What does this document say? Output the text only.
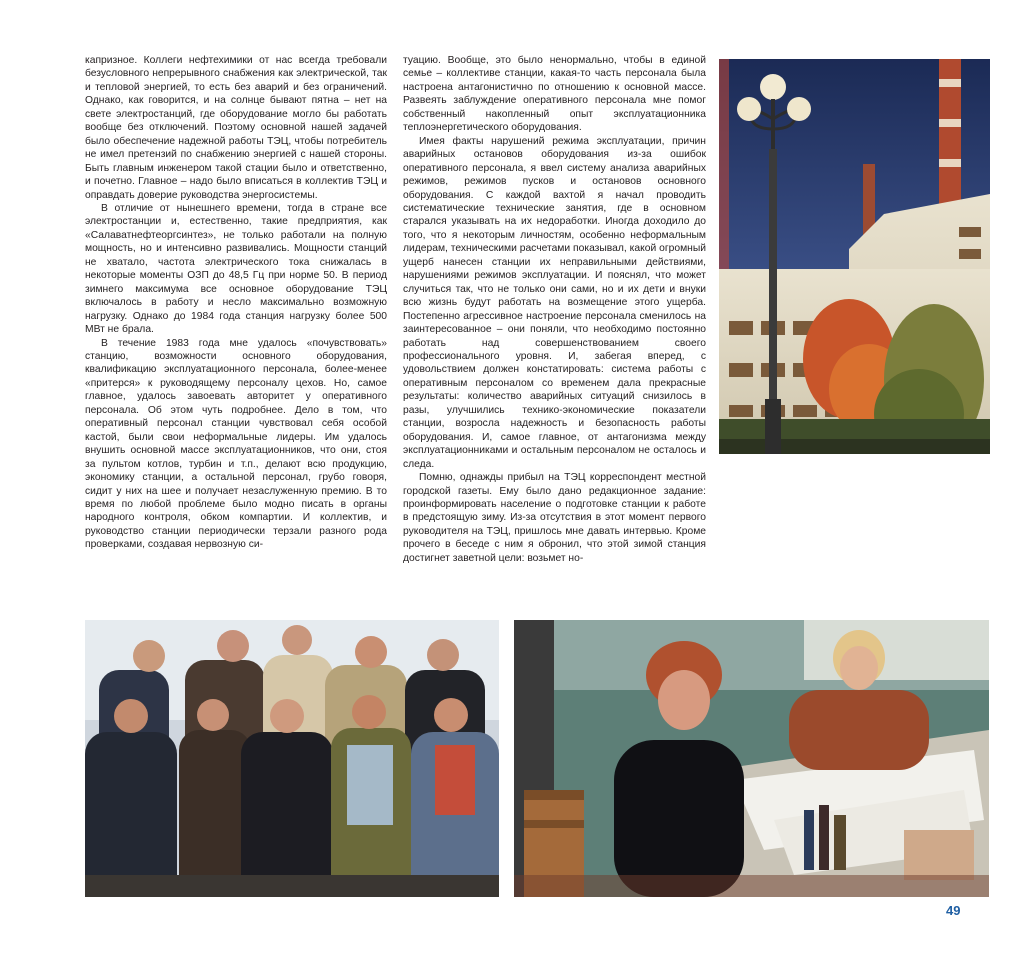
капризное. Коллеги нефтехимики от нас всегда требовали безусловного непрерывного снабжения как электрической, так и тепловой энергией, то есть без аварий и без ограничений. Однако, как говорится, и на солнце бывают пятна – нет на свете электростанций, где оборудование могло бы работать вообще без отключений. Поэтому основной нашей задачей было обеспечение надежной работы ТЭЦ, чтобы потребитель не имел претензий по снабжению энергией с нашей стороны. Быть главным инженером такой стации было и ответственно, и почетно. Главное – надо было вписаться в коллектив ТЭЦ и оправдать доверие руководства энергосистемы.

В отличие от нынешнего времени, тогда в стране все электростанции и, естественно, такие предприятия, как «Салаватнефтеоргсинтез», не только работали на полную мощность, но и интенсивно развивались. Мощности станций не хватало, частота электрического тока снижалась в некоторые моменты ОЗП до 48,5 Гц при норме 50. В период зимнего максимума все основное оборудование ТЭЦ включалось в работу и несло максимально возможную нагрузку. Однако до 1984 года станция нагрузку более 500 МВт не брала.

В течение 1983 года мне удалось «почувствовать» станцию, возможности основного оборудования, квалификацию эксплуатационного персонала, более-менее «притерся» к руководящему персоналу цехов. Но, самое главное, удалось завоевать авторитет у оперативного персонала. Об этом чуть подробнее. Дело в том, что оперативный персонал станции чувствовал себя особой кастой, были свои неформальные лидеры. Им удалось внушить основной массе эксплуатационников, что они, стоя за пультом котлов, турбин и т.п., делают всю продукцию, экономику станции, а остальной персонал, грубо говоря, сидит у них на шее и получает незаслуженную премию. В то время по любой проблеме было модно писать в органы народного контроля, обком компартии. И коллектив, и руководство станции периодически терзали разного рода проверками, создавая нервозную си-

туацию. Вообще, это было ненормально, чтобы в единой семье – коллективе станции, какая-то часть персонала была настроена антагонистично по отношению к основной массе. Развеять заблуждение оперативного персонала мне помог собственный накопленный опыт эксплуатационника теплоэнергетического оборудования.

Имея факты нарушений режима эксплуатации, причин аварийных остановов оборудования из-за ошибок оперативного персонала, я ввел систему анализа аварийных режимов, режимов пусков и остановов основного оборудования. С каждой вахтой я начал проводить систематические технические занятия, где в основном старался указывать на их недоработки. Иногда доходило до того, что я некоторым личностям, особенно неформальным лидерам, техническими расчетами показывал, какой огромный ущерб нанесен станции их неправильными действиями, нарушениями режимов эксплуатации. И пояснял, что может случиться так, что не только они сами, но и их дети и внуки всю жизнь будут работать на возмещение этого ущерба. Постепенно агрессивное настроение персонала сменилось на заинтересованное – они поняли, что необходимо постоянно работать над совершенствованием своего профессионального уровня. И, забегая вперед, с удовольствием должен констатировать: система работы с оперативным персоналом со временем дала прекрасные результаты: количество аварийных ситуаций снизилось в разы, улучшились технико-экономические показатели станции, возросла надежность и безопасность работы оборудования. И, самое главное, от антагонизма между эксплуатационниками и остальным персоналом не осталось и следа.

Помню, однажды прибыл на ТЭЦ корреспондент местной городской газеты. Ему было дано редакционное задание: проинформировать население о подготовке станции к работе в предстоящую зиму. Из-за отсутствия в этот момент первого руководителя на ТЭЦ, пришлось мне давать интервью. Кроме прочего в беседе с ним я обронил, что этой зимой станция достигнет заветной цели: возьмет но-

49
